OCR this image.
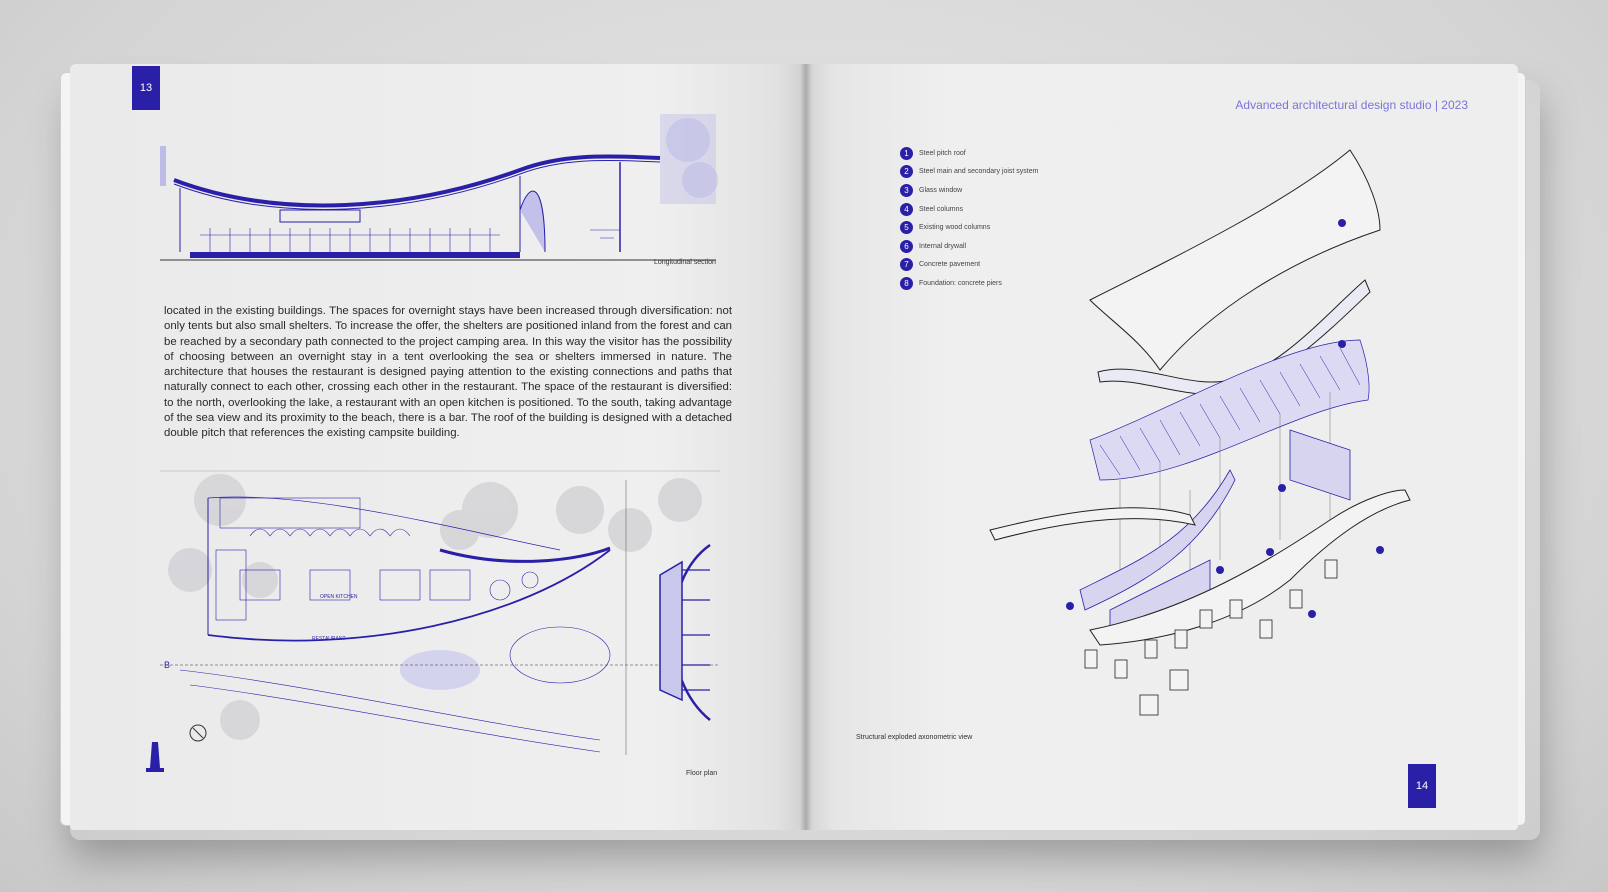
13
Longitudinal section
located in the existing buildings. The spaces for overnight stays have been increased through diversification: not only tents but also small shelters. To increase the offer, the shelters are positioned inland from the forest and can be reached by a secondary path connected to the project camping area. In this way the visitor has the possibility of choosing between an overnight stay in a tent overlooking the sea or shelters immersed in nature. The architecture that houses the restaurant is designed paying attention to the existing connections and paths that naturally connect to each other, crossing each other in the restaurant. The space of the restaurant is diversified: to the north, overlooking the lake, a restaurant with an open kitchen is positioned. To the south, taking advantage of the sea view and its proximity to the beach, there is a bar. The roof of the building is designed with a detached double pitch that references the existing campsite building.
OPEN KITCHEN
RESTAURANT
B
Floor plan
Advanced architectural design studio | 2023
1	Steel pitch roof
2	Steel main and secondary joist system
3	Glass window
4	Steel columns
5	Existing wood columns
6	Internal drywall
7	Concrete pavement
8	Foundation: concrete piers
Structural exploded axonometric view
14
